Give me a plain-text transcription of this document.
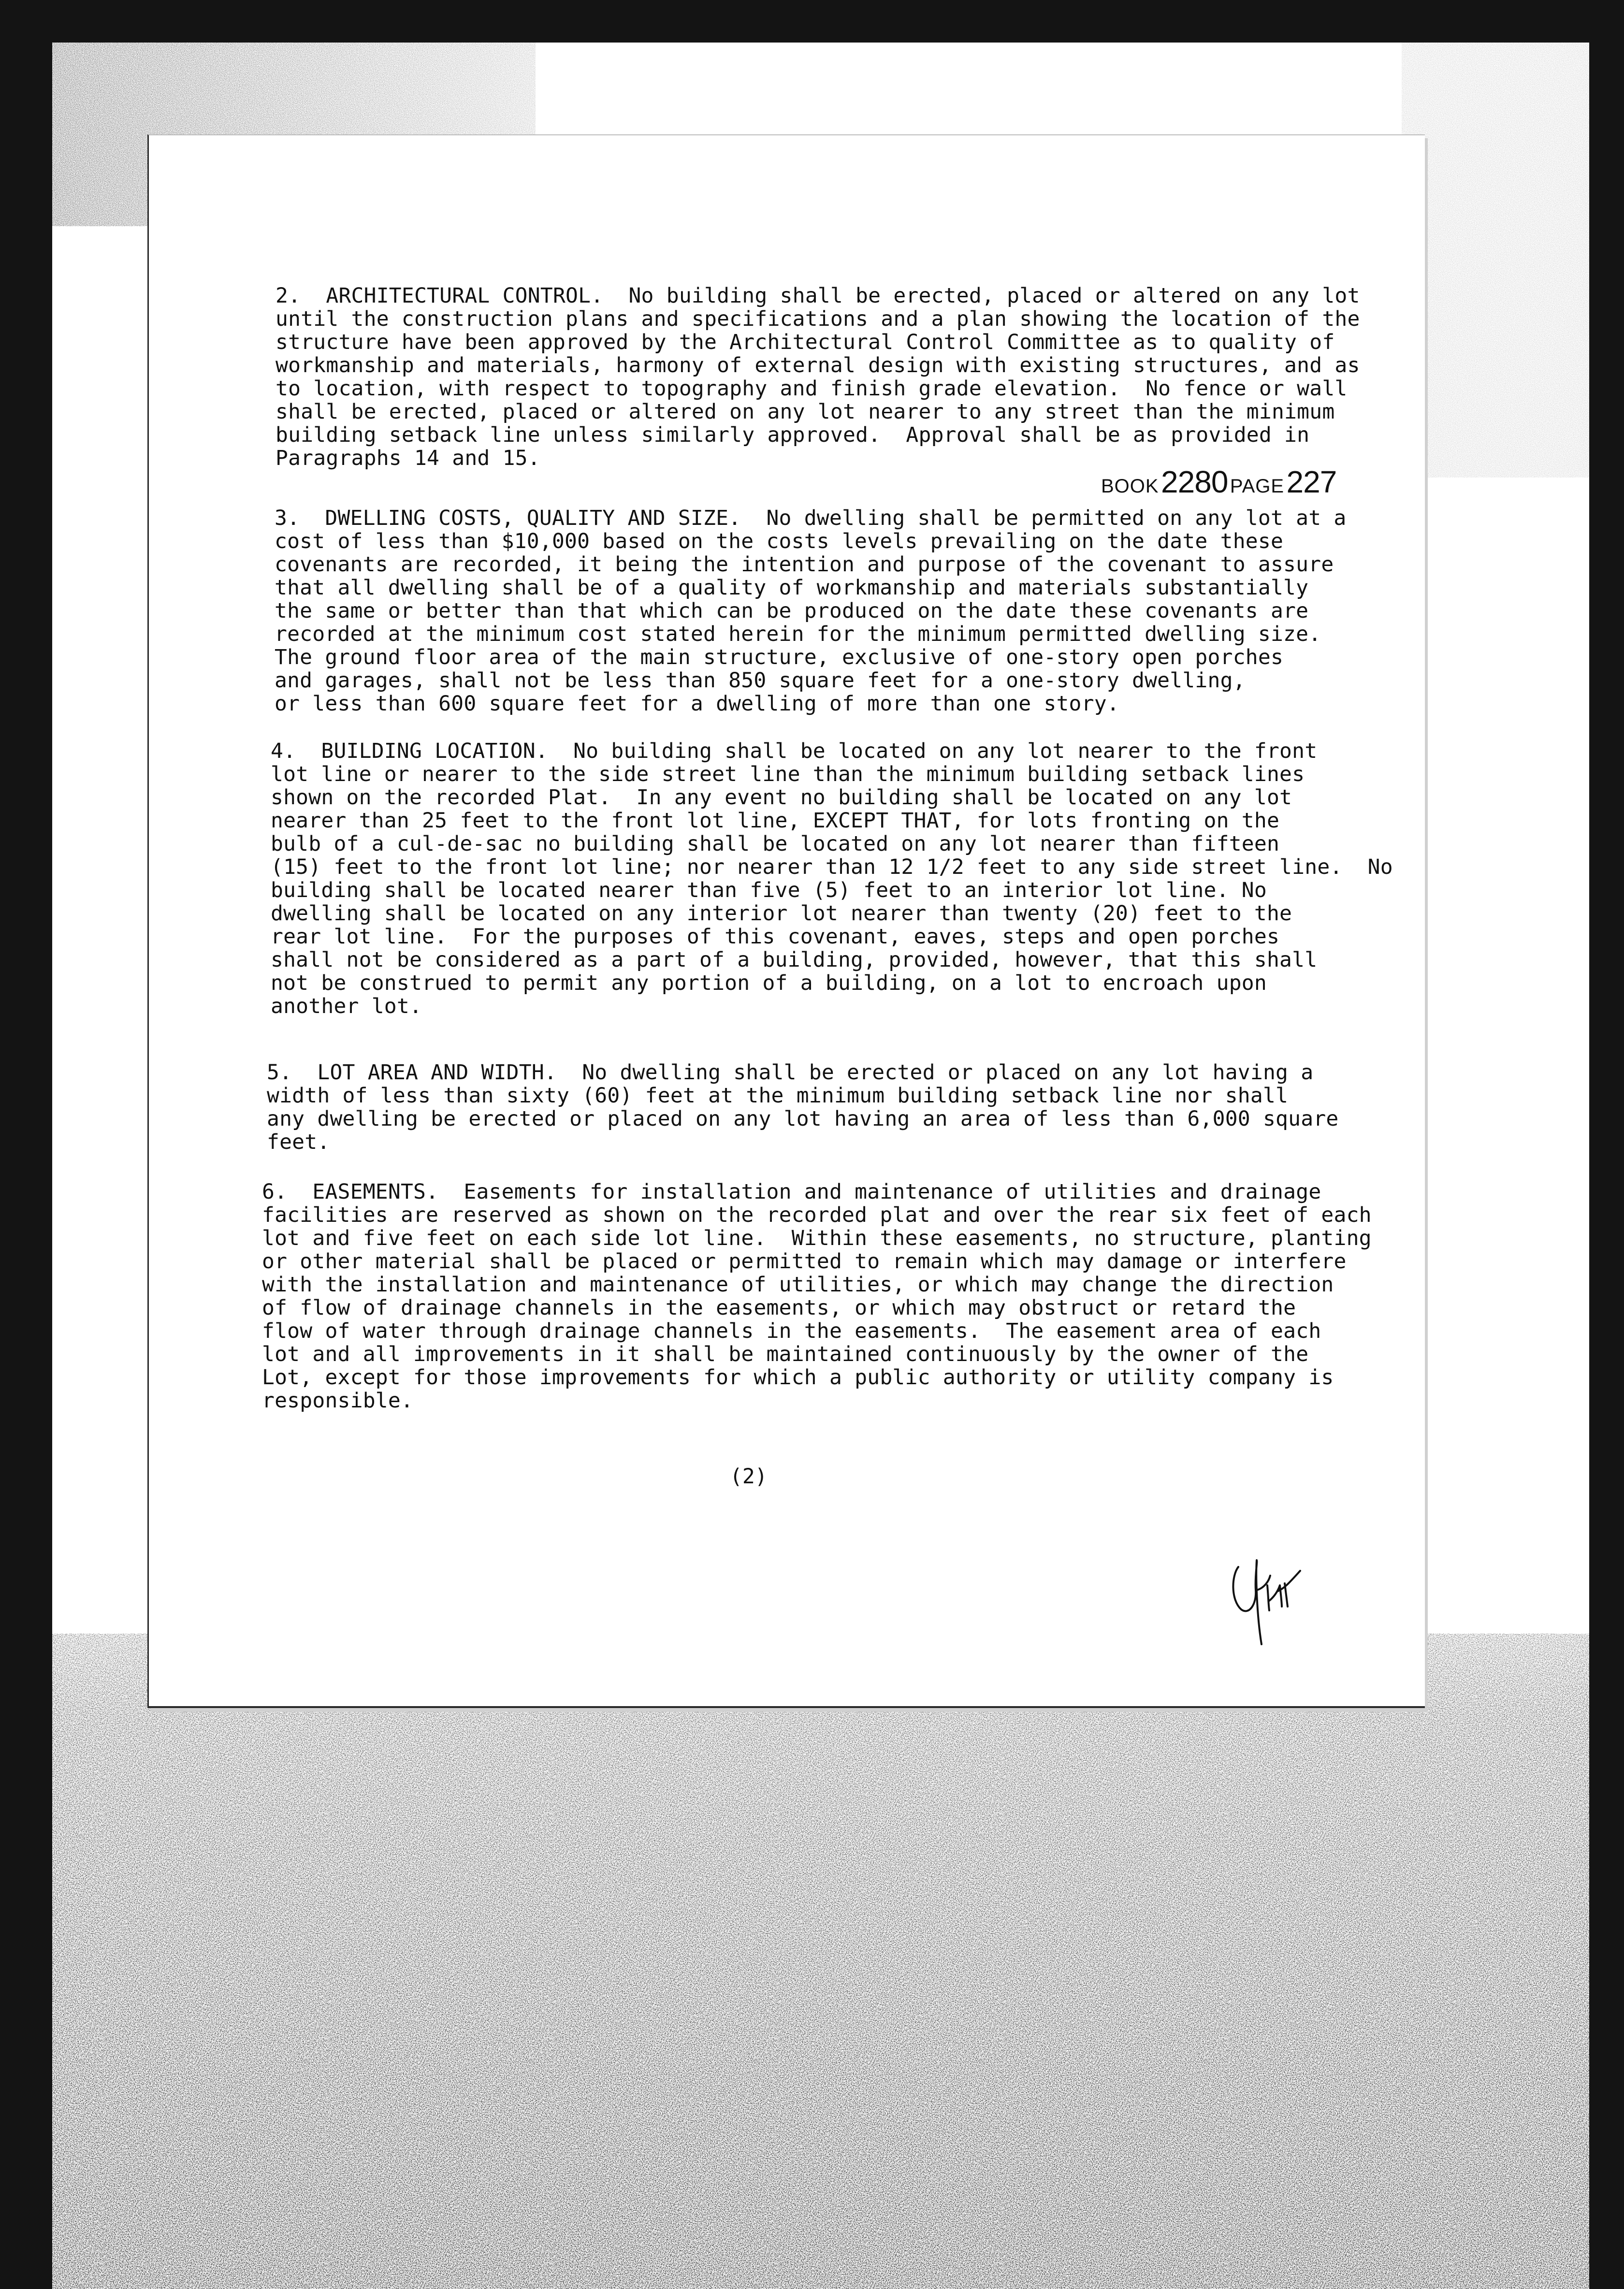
2.  ARCHITECTURAL CONTROL.  No building shall be erected, placed or altered on any lot
until the construction plans and specifications and a plan showing the location of the
structure have been approved by the Architectural Control Committee as to quality of
workmanship and materials, harmony of external design with existing structures, and as
to location, with respect to topography and finish grade elevation.  No fence or wall
shall be erected, placed or altered on any lot nearer to any street than the minimum
building setback line unless similarly approved.  Approval shall be as provided in
Paragraphs 14 and 15.
BOOK 2280 PAGE 227
3.  DWELLING COSTS, QUALITY AND SIZE.  No dwelling shall be permitted on any lot at a
cost of less than $10,000 based on the costs levels prevailing on the date these
covenants are recorded, it being the intention and purpose of the covenant to assure
that all dwelling shall be of a quality of workmanship and materials substantially
the same or better than that which can be produced on the date these covenants are
recorded at the minimum cost stated herein for the minimum permitted dwelling size.
The ground floor area of the main structure, exclusive of one-story open porches
and garages, shall not be less than 850 square feet for a one-story dwelling,
or less than 600 square feet for a dwelling of more than one story.
4.  BUILDING LOCATION.  No building shall be located on any lot nearer to the front
lot line or nearer to the side street line than the minimum building setback lines
shown on the recorded Plat.  In any event no building shall be located on any lot
nearer than 25 feet to the front lot line, EXCEPT THAT, for lots fronting on the
bulb of a cul-de-sac no building shall be located on any lot nearer than fifteen
(15) feet to the front lot line; nor nearer than 12 1/2 feet to any side street line.  No
building shall be located nearer than five (5) feet to an interior lot line. No
dwelling shall be located on any interior lot nearer than twenty (20) feet to the
rear lot line.  For the purposes of this covenant, eaves, steps and open porches
shall not be considered as a part of a building, provided, however, that this shall
not be construed to permit any portion of a building, on a lot to encroach upon
another lot.
5.  LOT AREA AND WIDTH.  No dwelling shall be erected or placed on any lot having a
width of less than sixty (60) feet at the minimum building setback line nor shall
any dwelling be erected or placed on any lot having an area of less than 6,000 square
feet.
6.  EASEMENTS.  Easements for installation and maintenance of utilities and drainage
facilities are reserved as shown on the recorded plat and over the rear six feet of each
lot and five feet on each side lot line.  Within these easements, no structure, planting
or other material shall be placed or permitted to remain which may damage or interfere
with the installation and maintenance of utilities, or which may change the direction
of flow of drainage channels in the easements, or which may obstruct or retard the
flow of water through drainage channels in the easements.  The easement area of each
lot and all improvements in it shall be maintained continuously by the owner of the
Lot, except for those improvements for which a public authority or utility company is
responsible.
(2)
